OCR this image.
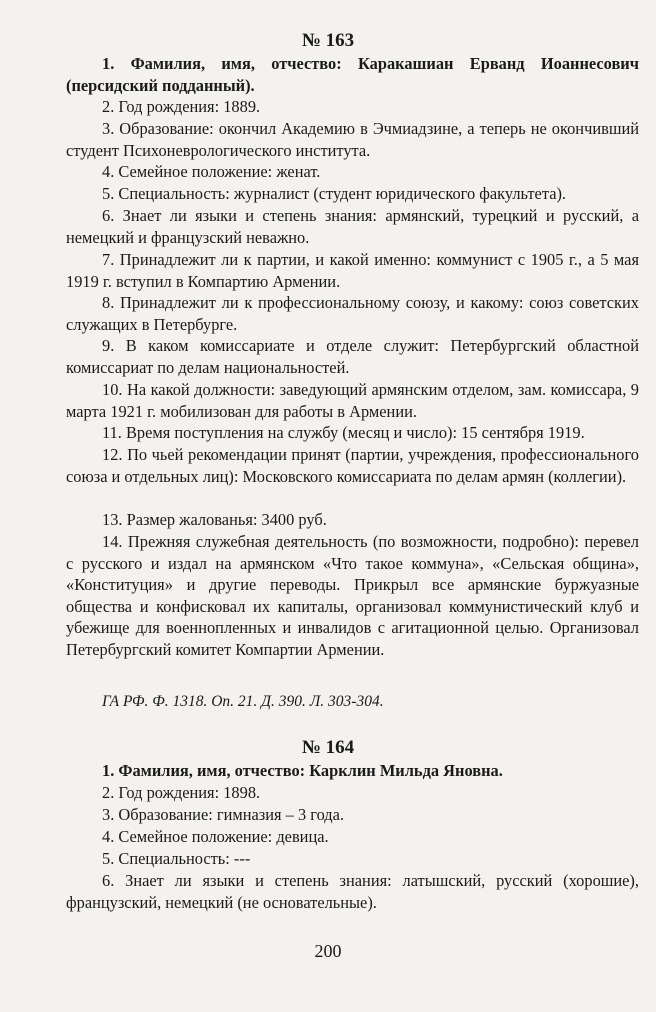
№ 163
1. Фамилия, имя, отчество: Каракашиан Ерванд Иоаннесович (персидский подданный).
2. Год рождения: 1889.
3. Образование: окончил Академию в Эчмиадзине, а теперь не окончивший студент Психоневрологического института.
4. Семейное положение: женат.
5. Специальность: журналист (студент юридического факультета).
6. Знает ли языки и степень знания: армянский, турецкий и русский, а немецкий и французский неважно.
7. Принадлежит ли к партии, и какой именно: коммунист с 1905 г., а 5 мая 1919 г. вступил в Компартию Армении.
8. Принадлежит ли к профессиональному союзу, и какому: союз советских служащих в Петербурге.
9. В каком комиссариате и отделе служит: Петербургский областной комиссариат по делам национальностей.
10. На какой должности: заведующий армянским отделом, зам. комиссара, 9 марта 1921 г. мобилизован для работы в Армении.
11. Время поступления на службу (месяц и число): 15 сентября 1919.
12. По чьей рекомендации принят (партии, учреждения, профессионального союза и отдельных лиц): Московского комиссариата по делам армян (коллегии).
13. Размер жалованья: 3400 руб.
14. Прежняя служебная деятельность (по возможности, подробно): перевел с русского и издал на армянском «Что такое коммуна», «Сельская община», «Конституция» и другие переводы. Прикрыл все армянские буржуазные общества и конфисковал их капиталы, организовал коммунистический клуб и убежище для военнопленных и инвалидов с агитационной целью. Организовал Петербургский комитет Компартии Армении.
ГА РФ. Ф. 1318. Оп. 21. Д. 390. Л. 303-304.
№ 164
1. Фамилия, имя, отчество: Карклин Мильда Яновна.
2. Год рождения: 1898.
3. Образование: гимназия – 3 года.
4. Семейное положение: девица.
5. Специальность: ---
6. Знает ли языки и степень знания: латышский, русский (хорошие), французский, немецкий (не основательные).
200
